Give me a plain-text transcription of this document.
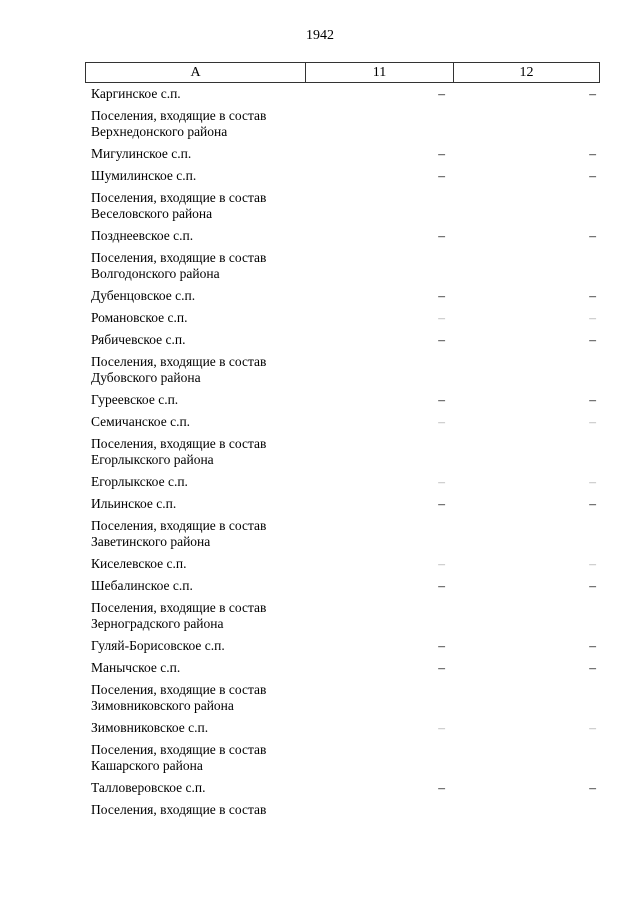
1942
A	11	12
Каргинское с.п.	–	–
Поселения, входящие в состав Верхнедонского района
Мигулинское с.п.	–	–
Шумилинское с.п.	–	–
Поселения, входящие в состав Веселовского района
Позднеевское с.п.	–	–
Поселения, входящие в состав Волгодонского района
Дубенцовское с.п.	–	–
Романовское с.п.	–	–
Рябичевское с.п.	–	–
Поселения, входящие в состав Дубовского района
Гуреевское с.п.	–	–
Семичанское с.п.	–	–
Поселения, входящие в состав Егорлыкского района
Егорлыкское с.п.	–	–
Ильинское с.п.	–	–
Поселения, входящие в состав Заветинского района
Киселевское с.п.	–	–
Шебалинское с.п.	–	–
Поселения, входящие в состав Зерноградского района
Гуляй-Борисовское с.п.	–	–
Манычское с.п.	–	–
Поселения, входящие в состав Зимовниковского района
Зимовниковское с.п.	–	–
Поселения, входящие в состав Кашарского района
Талловеровское с.п.	–	–
Поселения, входящие в состав
